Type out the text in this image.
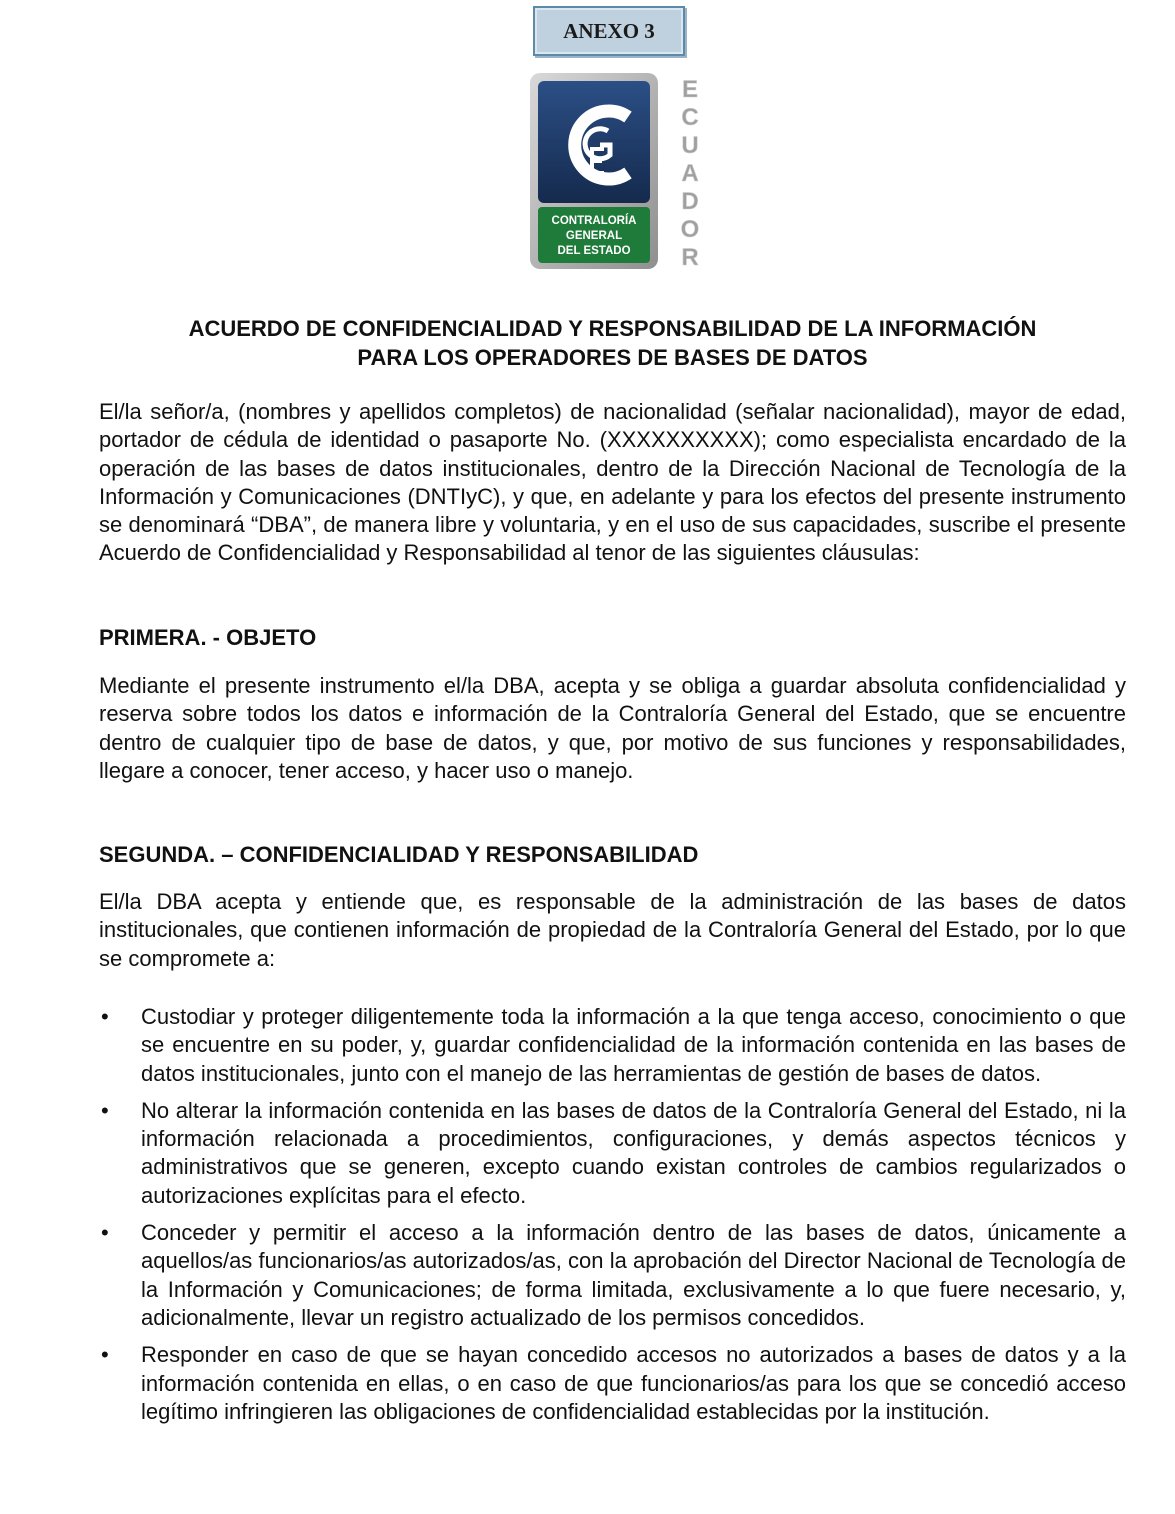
ANEXO 3
CONTRALORÍA
GENERAL
DEL ESTADO
E
C
U
A
D
O
R
ACUERDO DE CONFIDENCIALIDAD Y RESPONSABILIDAD DE LA INFORMACIÓN
PARA LOS OPERADORES DE BASES DE DATOS

El/la señor/a, (nombres y apellidos completos) de nacionalidad (señalar nacionalidad), mayor de edad, portador de cédula de identidad o pasaporte No. (XXXXXXXXXX); como especialista encardado de la operación de las bases de datos institucionales, dentro de la Dirección Nacional de Tecnología de la Información y Comunicaciones (DNTIyC), y que, en adelante y para los efectos del presente instrumento se denominará “DBA”, de manera libre y voluntaria, y en el uso de sus capacidades, suscribe el presente Acuerdo de Confidencialidad y Responsabilidad al tenor de las siguientes cláusulas:

PRIMERA. - OBJETO

Mediante el presente instrumento el/la DBA, acepta y se obliga a guardar absoluta confidencialidad y reserva sobre todos los datos e información de la Contraloría General del Estado, que se encuentre dentro de cualquier tipo de base de datos, y que, por motivo de sus funciones y responsabilidades, llegare a conocer, tener acceso, y hacer uso o manejo.

SEGUNDA. – CONFIDENCIALIDAD Y RESPONSABILIDAD

El/la DBA acepta y entiende que, es responsable de la administración de las bases de datos institucionales, que contienen información de propiedad de la Contraloría General del Estado, por lo que se compromete a:

• Custodiar y proteger diligentemente toda la información a la que tenga acceso, conocimiento o que se encuentre en su poder, y, guardar confidencialidad de la información contenida en las bases de datos institucionales, junto con el manejo de las herramientas de gestión de bases de datos.
• No alterar la información contenida en las bases de datos de la Contraloría General del Estado, ni la información relacionada a procedimientos, configuraciones, y demás aspectos técnicos y administrativos que se generen, excepto cuando existan controles de cambios regularizados o autorizaciones explícitas para el efecto.
• Conceder y permitir el acceso a la información dentro de las bases de datos, únicamente a aquellos/as funcionarios/as autorizados/as, con la aprobación del Director Nacional de Tecnología de la Información y Comunicaciones; de forma limitada, exclusivamente a lo que fuere necesario, y, adicionalmente, llevar un registro actualizado de los permisos concedidos.
• Responder en caso de que se hayan concedido accesos no autorizados a bases de datos y a la información contenida en ellas, o en caso de que funcionarios/as para los que se concedió acceso legítimo infringieren las obligaciones de confidencialidad establecidas por la institución.
